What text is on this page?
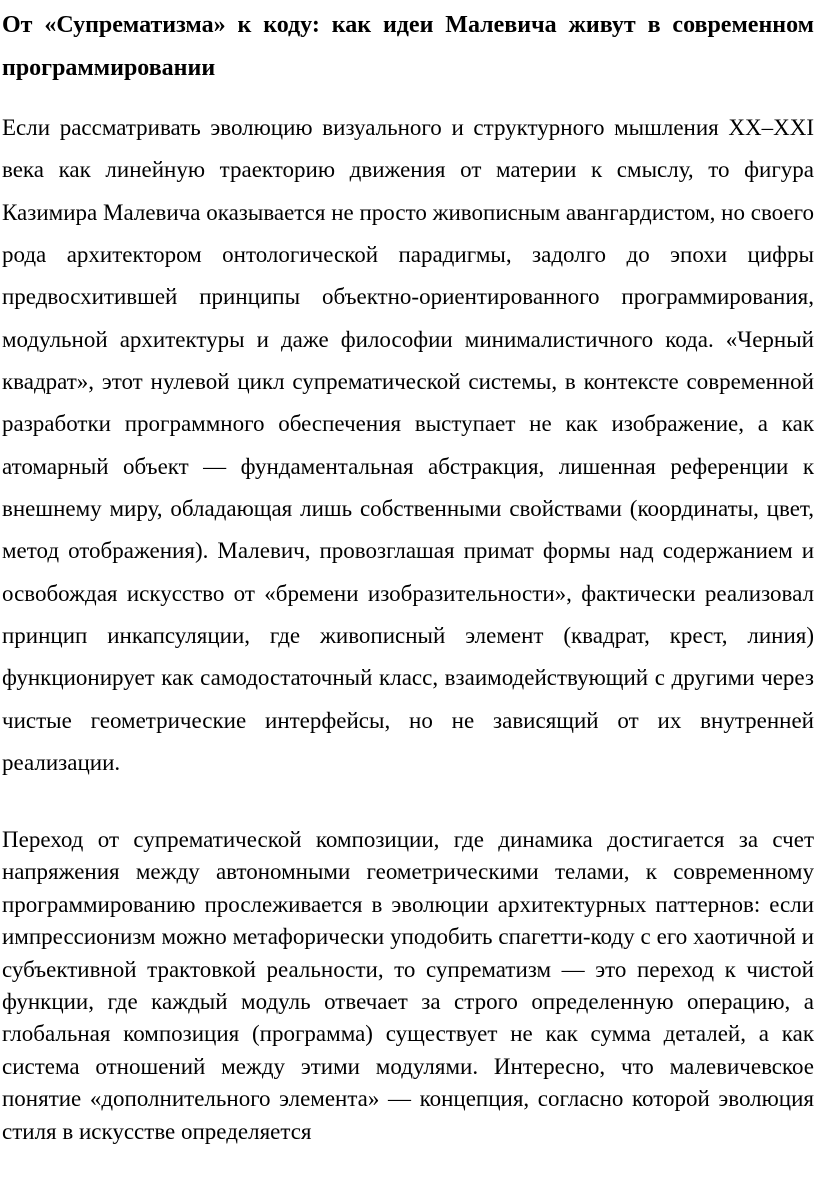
От «Супрематизма» к коду: как идеи Малевича живут в современном программировании

Если рассматривать эволюцию визуального и структурного мышления XX–XXI века как линейную траекторию движения от материи к смыслу, то фигура Казимира Малевича оказывается не просто живописным авангардистом, но своего рода архитектором онтологической парадигмы, задолго до эпохи цифры предвосхитившей принципы объектно-ориентированного программирования, модульной архитектуры и даже философии минималистичного кода. «Черный квадрат», этот нулевой цикл супрематической системы, в контексте современной разработки программного обеспечения выступает не как изображение, а как атомарный объект — фундаментальная абстракция, лишенная референции к внешнему миру, обладающая лишь собственными свойствами (координаты, цвет, метод отображения). Малевич, провозглашая примат формы над содержанием и освобождая искусство от «бремени изобразительности», фактически реализовал принцип инкапсуляции, где живописный элемент (квадрат, крест, линия) функционирует как самодостаточный класс, взаимодействующий с другими через чистые геометрические интерфейсы, но не зависящий от их внутренней реализации.

Переход от супрематической композиции, где динамика достигается за счет напряжения между автономными геометрическими телами, к современному программированию прослеживается в эволюции архитектурных паттернов: если импрессионизм можно метафорически уподобить спагетти-коду с его хаотичной и субъективной трактовкой реальности, то супрематизм — это переход к чистой функции, где каждый модуль отвечает за строго определенную операцию, а глобальная композиция (программа) существует не как сумма деталей, а как система отношений между этими модулями. Интересно, что малевичевское понятие «дополнительного элемента» — концепция, согласно которой эволюция стиля в искусстве определяется
